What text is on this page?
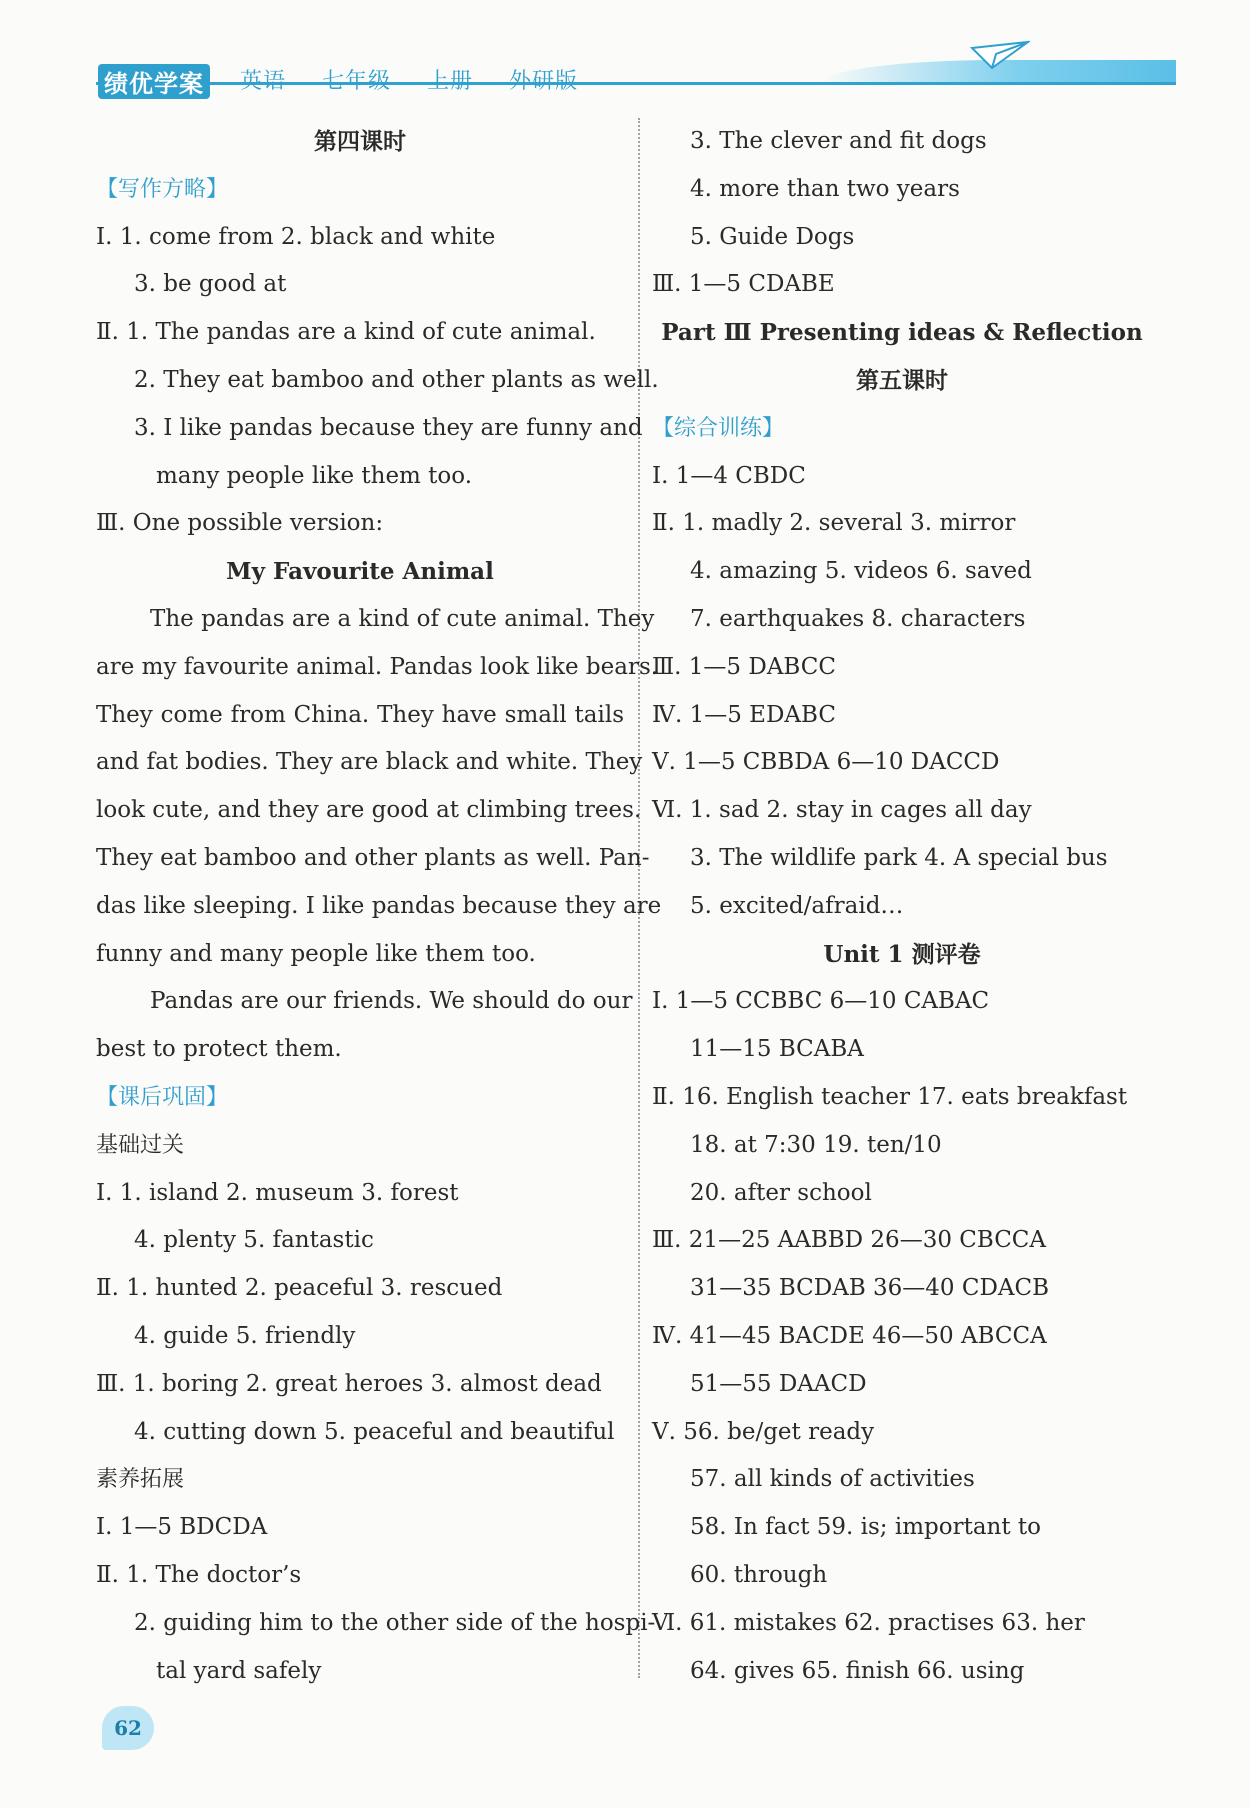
绩优学案 英语 七年级 上册 外研版
第四课时
【写作方略】
Ⅰ. 1. come from 2. black and white
3. be good at
Ⅱ. 1. The pandas are a kind of cute animal.
2. They eat bamboo and other plants as well.
3. I like pandas because they are funny and
many people like them too.
Ⅲ. One possible version:
My Favourite Animal
The pandas are a kind of cute animal. They
are my favourite animal. Pandas look like bears.
They come from China. They have small tails
and fat bodies. They are black and white. They
look cute, and they are good at climbing trees.
They eat bamboo and other plants as well. Pan-
das like sleeping. I like pandas because they are
funny and many people like them too.
Pandas are our friends. We should do our
best to protect them.
【课后巩固】
基础过关
Ⅰ. 1. island 2. museum 3. forest
4. plenty 5. fantastic
Ⅱ. 1. hunted 2. peaceful 3. rescued
4. guide 5. friendly
Ⅲ. 1. boring 2. great heroes 3. almost dead
4. cutting down 5. peaceful and beautiful
素养拓展
Ⅰ. 1—5 BDCDA
Ⅱ. 1. The doctor’s
2. guiding him to the other side of the hospi-
tal yard safely
3. The clever and fit dogs
4. more than two years
5. Guide Dogs
Ⅲ. 1—5 CDABE
Part Ⅲ Presenting ideas & Reflection
第五课时
【综合训练】
Ⅰ. 1—4 CBDC
Ⅱ. 1. madly 2. several 3. mirror
4. amazing 5. videos 6. saved
7. earthquakes 8. characters
Ⅲ. 1—5 DABCC
Ⅳ. 1—5 EDABC
Ⅴ. 1—5 CBBDA 6—10 DACCD
Ⅵ. 1. sad 2. stay in cages all day
3. The wildlife park 4. A special bus
5. excited/afraid…
Unit 1 测评卷
Ⅰ. 1—5 CCBBC 6—10 CABAC
11—15 BCABA
Ⅱ. 16. English teacher 17. eats breakfast
18. at 7:30 19. ten/10
20. after school
Ⅲ. 21—25 AABBD 26—30 CBCCA
31—35 BCDAB 36—40 CDACB
Ⅳ. 41—45 BACDE 46—50 ABCCA
51—55 DAACD
Ⅴ. 56. be/get ready
57. all kinds of activities
58. In fact 59. is; important to
60. through
Ⅵ. 61. mistakes 62. practises 63. her
64. gives 65. finish 66. using
62
